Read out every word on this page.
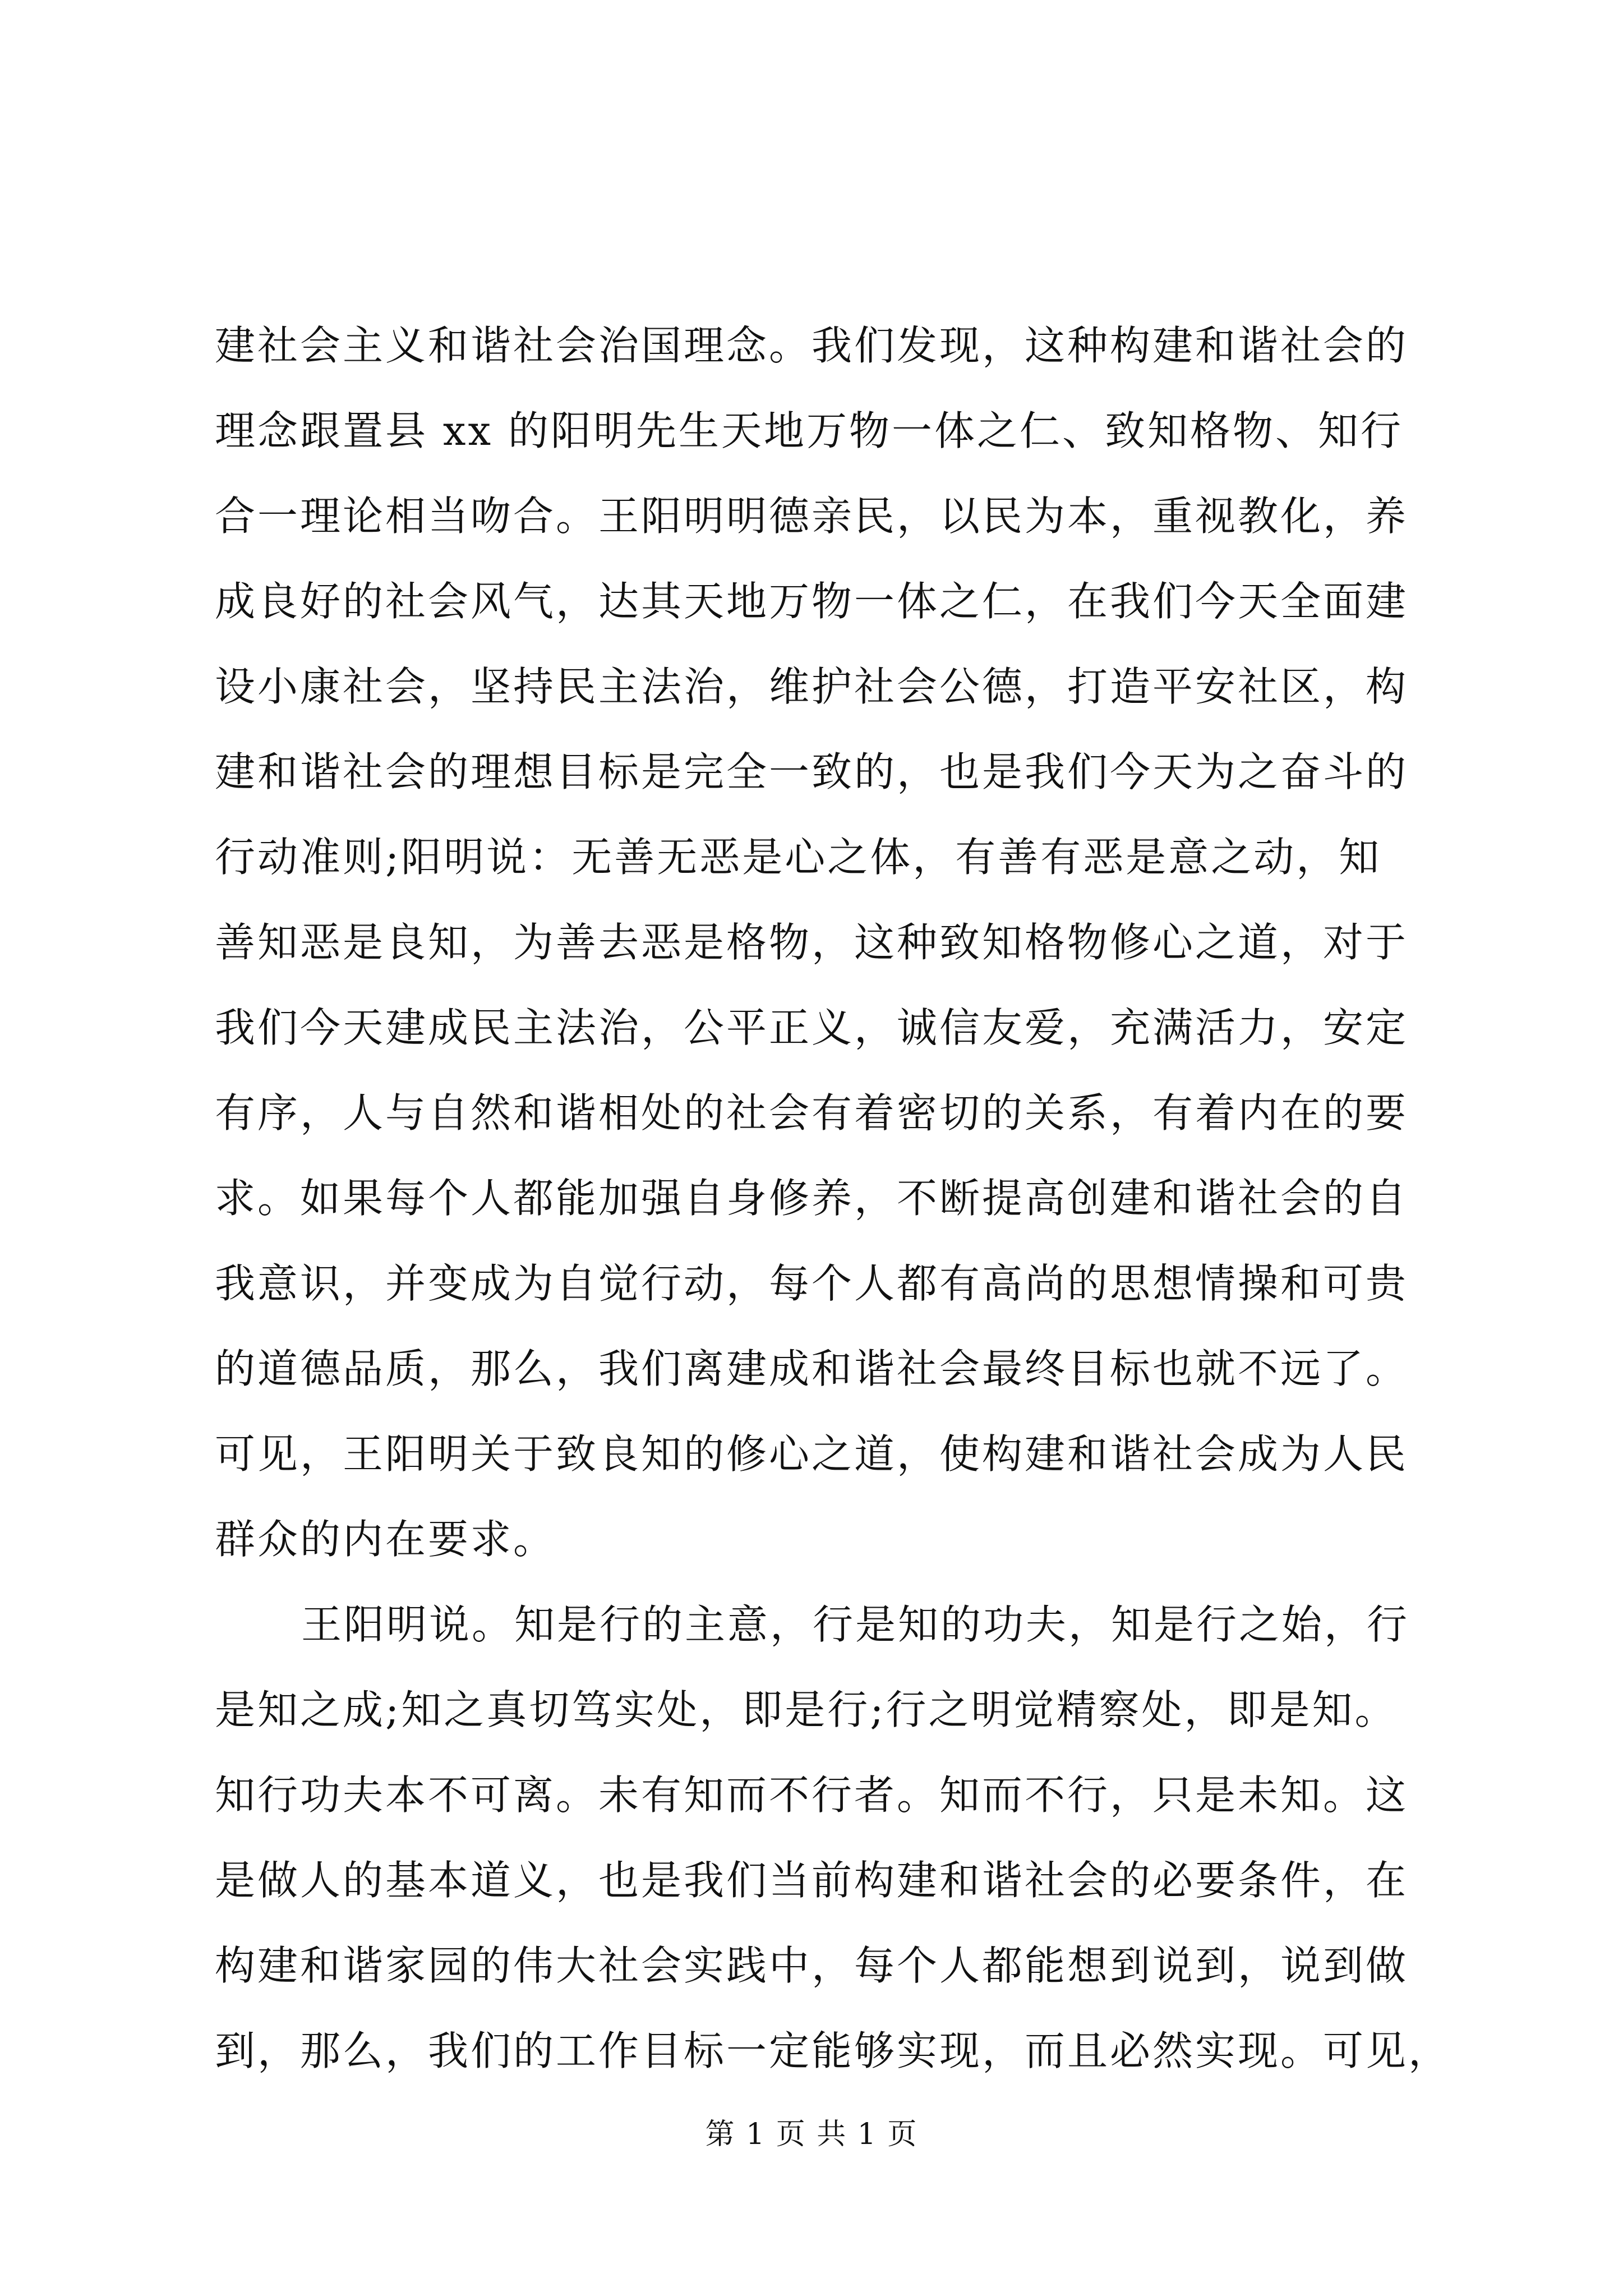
建社会主义和谐社会治国理念。我们发现，这种构建和谐社会的
理念跟置县 xx 的阳明先生天地万物一体之仁、致知格物、知行
合一理论相当吻合。王阳明明德亲民，以民为本，重视教化，养
成良好的社会风气，达其天地万物一体之仁，在我们今天全面建
设小康社会，坚持民主法治，维护社会公德，打造平安社区，构
建和谐社会的理想目标是完全一致的，也是我们今天为之奋斗的
行动准则;阳明说：无善无恶是心之体，有善有恶是意之动，知
善知恶是良知，为善去恶是格物，这种致知格物修心之道，对于
我们今天建成民主法治，公平正义，诚信友爱，充满活力，安定
有序，人与自然和谐相处的社会有着密切的关系，有着内在的要
求。如果每个人都能加强自身修养，不断提高创建和谐社会的自
我意识，并变成为自觉行动，每个人都有高尚的思想情操和可贵
的道德品质，那么，我们离建成和谐社会最终目标也就不远了。
可见，王阳明关于致良知的修心之道，使构建和谐社会成为人民
群众的内在要求。
王阳明说。知是行的主意，行是知的功夫，知是行之始，行
是知之成;知之真切笃实处，即是行;行之明觉精察处，即是知。
知行功夫本不可离。未有知而不行者。知而不行，只是未知。这
是做人的基本道义，也是我们当前构建和谐社会的必要条件，在
构建和谐家园的伟大社会实践中，每个人都能想到说到，说到做
到，那么，我们的工作目标一定能够实现，而且必然实现。可见，
第 1 页 共 1 页
